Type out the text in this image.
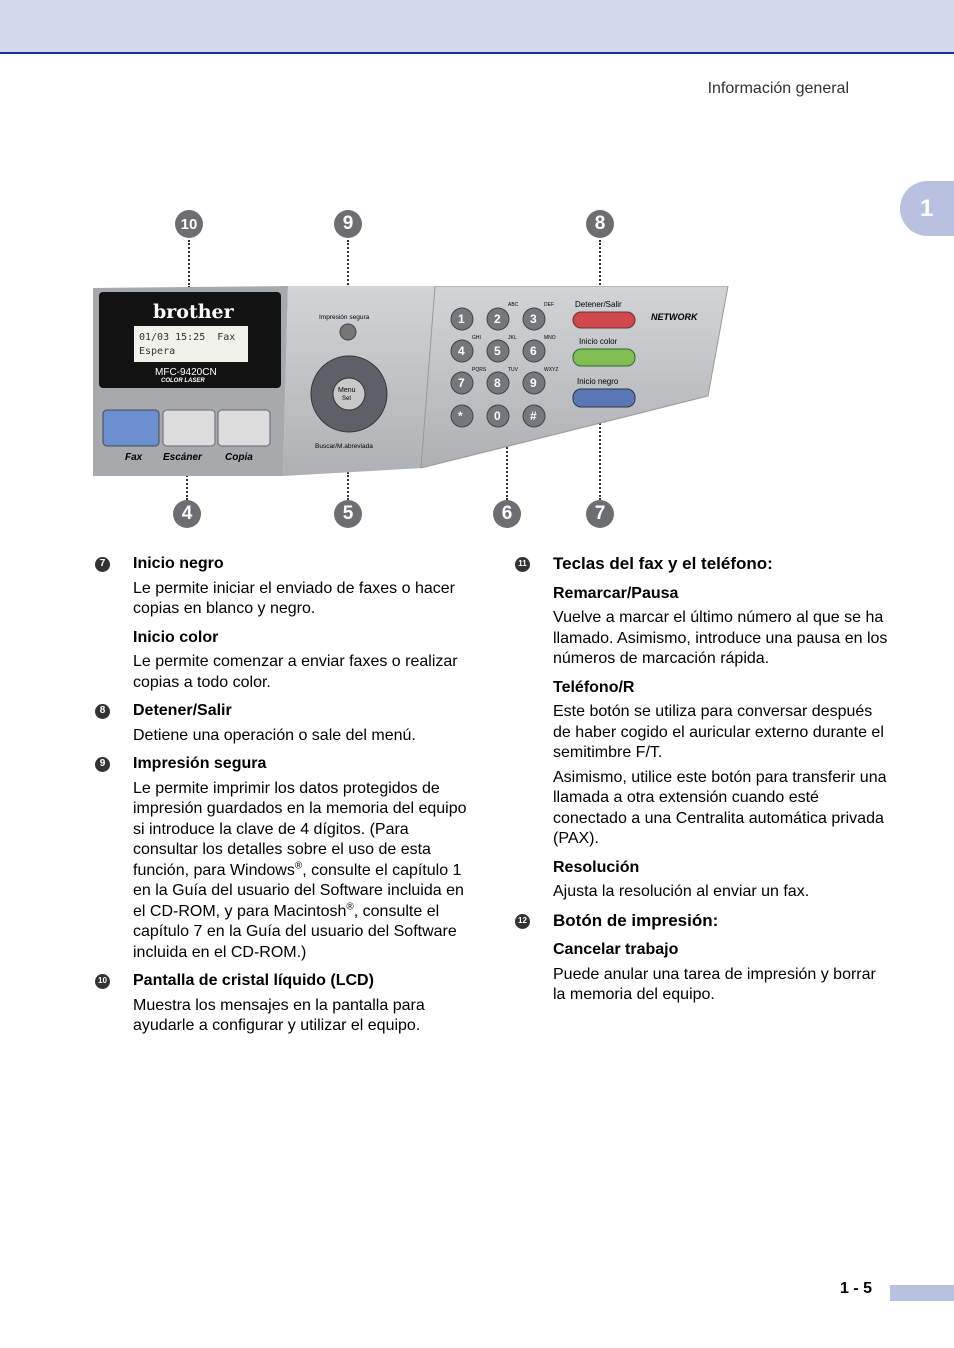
Información general
1
10	9	8
4	5	6	7
brother
01/03 15:25  Fax
Espera
MFC-9420CN
COLOR LASER
Fax Escáner Copia
Impresión segura
Menu
Set
Buscar/M.abreviada
1 2 3
4 5 6
7 8 9
*	0 #
ABC	DEF
GHI	JKL	MNO
PQRS	TUV	WXYZ
Detener/Salir
Inicio color
Inicio negro
NETWORK
7 Inicio negro

Le permite iniciar el enviado de faxes o hacer copias en blanco y negro.

Inicio color

Le permite comenzar a enviar faxes o realizar copias a todo color.

8 Detener/Salir

Detiene una operación o sale del menú.

9 Impresión segura

Le permite imprimir los datos protegidos de impresión guardados en la memoria del equipo si introduce la clave de 4 dígitos. (Para consultar los detalles sobre el uso de esta función, para Windows®, consulte el capítulo 1 en la Guía del usuario del Software incluida en el CD-ROM, y para Macintosh®, consulte el capítulo 7 en la Guía del usuario del Software incluida en el CD-ROM.)

10 Pantalla de cristal líquido (LCD)

Muestra los mensajes en la pantalla para ayudarle a configurar y utilizar el equipo.

11 Teclas del fax y el teléfono:

Remarcar/Pausa

Vuelve a marcar el último número al que se ha llamado. Asimismo, introduce una pausa en los números de marcación rápida.

Teléfono/R

Este botón se utiliza para conversar después de haber cogido el auricular externo durante el semitimbre F/T.

Asimismo, utilice este botón para transferir una llamada a otra extensión cuando esté conectado a una Centralita automática privada (PAX).

Resolución

Ajusta la resolución al enviar un fax.

12 Botón de impresión:

Cancelar trabajo

Puede anular una tarea de impresión y borrar la memoria del equipo.

1 - 5
